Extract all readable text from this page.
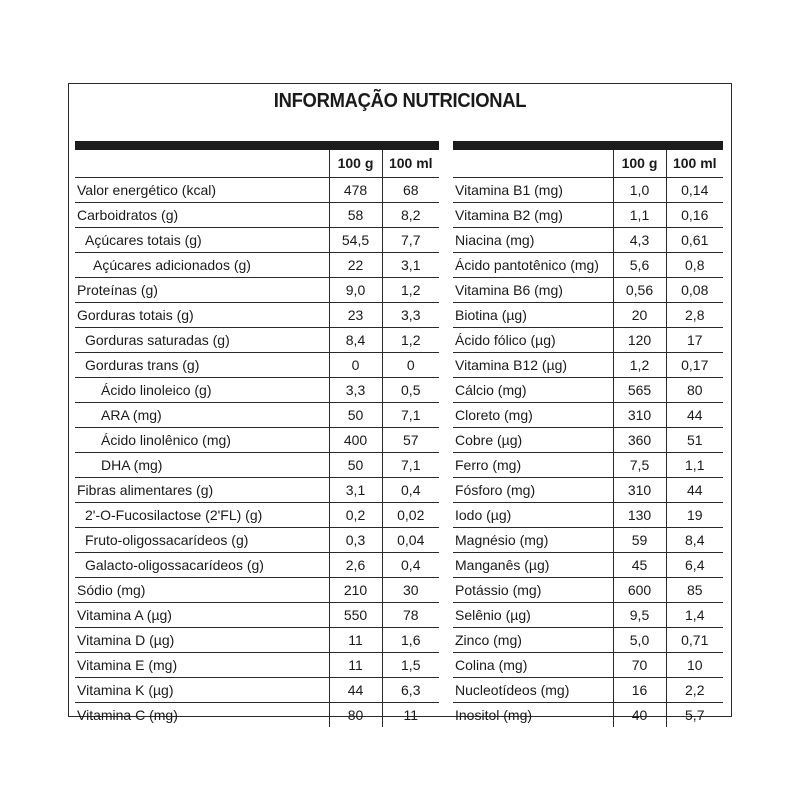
INFORMAÇÃO NUTRICIONAL

	100 g	100 ml
Valor energético (kcal)	478	68
Carboidratos (g)	58	8,2
Açúcares totais (g)	54,5	7,7
Açúcares adicionados (g)	22	3,1
Proteínas (g)	9,0	1,2
Gorduras totais (g)	23	3,3
Gorduras saturadas (g)	8,4	1,2
Gorduras trans (g)	0	0
Ácido linoleico (g)	3,3	0,5
ARA (mg)	50	7,1
Ácido linolênico (mg)	400	57
DHA (mg)	50	7,1
Fibras alimentares (g)	3,1	0,4
2'-O-Fucosilactose (2'FL) (g)	0,2	0,02
Fruto-oligossacarídeos (g)	0,3	0,04
Galacto-oligossacarídeos (g)	2,6	0,4
Sódio (mg)	210	30
Vitamina A (µg)	550	78
Vitamina D (µg)	11	1,6
Vitamina E (mg)	11	1,5
Vitamina K (µg)	44	6,3
Vitamina C (mg)	80	11

	100 g	100 ml
Vitamina B1 (mg)	1,0	0,14
Vitamina B2 (mg)	1,1	0,16
Niacina (mg)	4,3	0,61
Ácido pantotênico (mg)	5,6	0,8
Vitamina B6 (mg)	0,56	0,08
Biotina (µg)	20	2,8
Ácido fólico (µg)	120	17
Vitamina B12 (µg)	1,2	0,17
Cálcio (mg)	565	80
Cloreto (mg)	310	44
Cobre (µg)	360	51
Ferro (mg)	7,5	1,1
Fósforo (mg)	310	44
Iodo (µg)	130	19
Magnésio (mg)	59	8,4
Manganês (µg)	45	6,4
Potássio (mg)	600	85
Selênio (µg)	9,5	1,4
Zinco (mg)	5,0	0,71
Colina (mg)	70	10
Nucleotídeos (mg)	16	2,2
Inositol (mg)	40	5,7
